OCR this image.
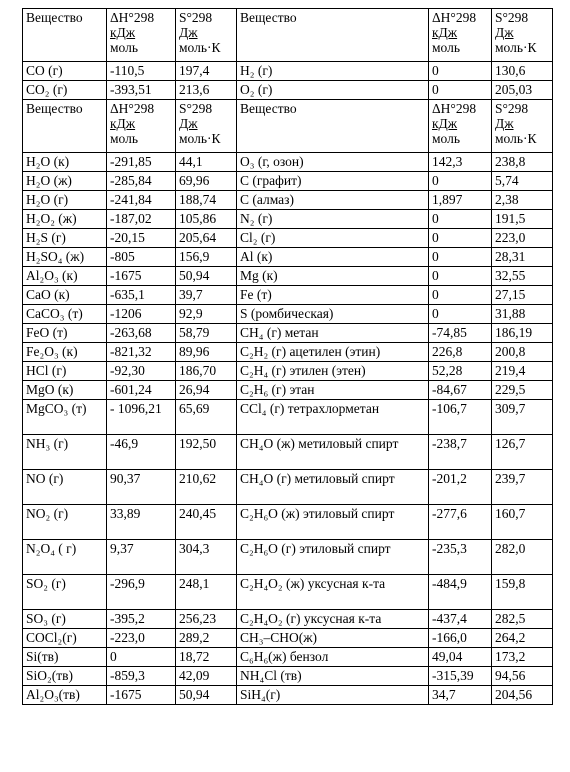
Вещество	ΔH°298
кДж
моль	S°298
Дж
моль·К	Вещество	ΔH°298
кДж
моль	S°298
Дж
моль·К

CO (г)	-110,5	197,4	H₂ (г)	0	130,6
CO₂ (г)	-393,51	213,6	O₂ (г)	0	205,03
Вещество	ΔH°298
кДж
моль	S°298
Дж
моль·К	Вещество	ΔH°298
кДж
моль	S°298
Дж
моль·К

H₂O (к)	-291,85	44,1	O₃ (г, озон)	142,3	238,8
H₂O (ж)	-285,84	69,96	C (графит)	0	5,74
H₂O (г)	-241,84	188,74	C (алмаз)	1,897	2,38
H₂O₂ (ж)	-187,02	105,86	N₂ (г)	0	191,5
H₂S (г)	-20,15	205,64	Cl₂ (г)	0	223,0
H₂SO₄ (ж)	-805	156,9	Al (к)	0	28,31
Al₂O₃ (к)	-1675	50,94	Mg (к)	0	32,55
CaO (к)	-635,1	39,7	Fe (т)	0	27,15
CaCO₃ (т)	-1206	92,9	S (ромбическая)	0	31,88
FeO (т)	-263,68	58,79	CH₄ (г) метан	-74,85	186,19
Fe₂O₃ (к)	-821,32	89,96	C₂H₂ (г) ацетилен (этин)	226,8	200,8
HCl (г)	-92,30	186,70	C₂H₄ (г) этилен (этен)	52,28	219,4
MgO (к)	-601,24	26,94	C₂H₆ (г) этан	-84,67	229,5
MgCO₃ (т)	- 1096,21	65,69	CCl₄ (г) тетрахлорметан	-106,7	309,7
NH₃ (г)	-46,9	192,50	CH₄O (ж) метиловый спирт	-238,7	126,7
NO (г)	90,37	210,62	CH₄O (г) метиловый спирт	-201,2	239,7
NO₂ (г)	33,89	240,45	C₂H₆O (ж) этиловый спирт	-277,6	160,7
N₂O₄ ( г)	9,37	304,3	C₂H₆O (г) этиловый спирт	-235,3	282,0
SO₂ (г)	-296,9	248,1	C₂H₄O₂ (ж) уксусная к-та	-484,9	159,8
SO₃ (г)	-395,2	256,23	C₂H₄O₂ (г) уксусная к-та	-437,4	282,5
COCl₂(г)	-223,0	289,2	CH₃–CHO(ж)	-166,0	264,2
Si(тв)	0	18,72	C₆H₆(ж) бензол	49,04	173,2
SiO₂(тв)	-859,3	42,09	NH₄Cl (тв)	-315,39	94,56
Al₂O₃(тв)	-1675	50,94	SiH₄(г)	34,7	204,56
